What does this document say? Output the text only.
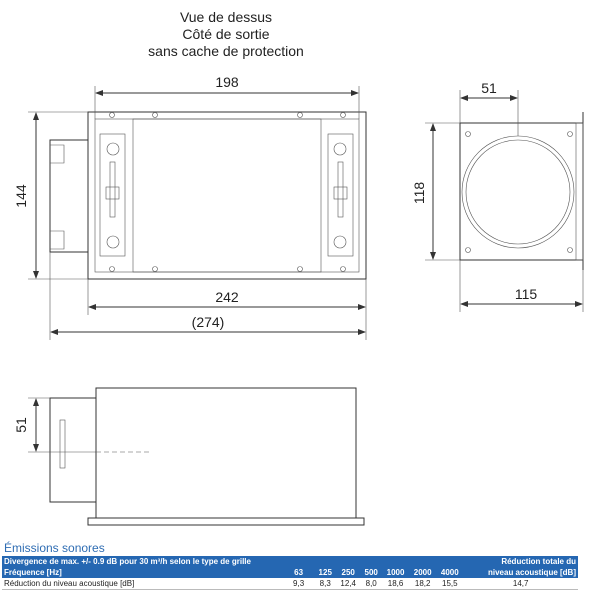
Vue de dessus
Côté de sortie
sans cache de protection
198
242
(274)
144
51
118
115
51
Émissions sonores
Divergence de max. +/- 0.9 dB pour 30 m³/h selon le type de grille								Réduction totale du
Fréquence [Hz]	63	125	250	500	1000	2000	4000	niveau acoustique [dB]
Réduction du niveau acoustique [dB]	9,3	8,3	12,4	8,0	18,6	18,2	15,5	14,7
